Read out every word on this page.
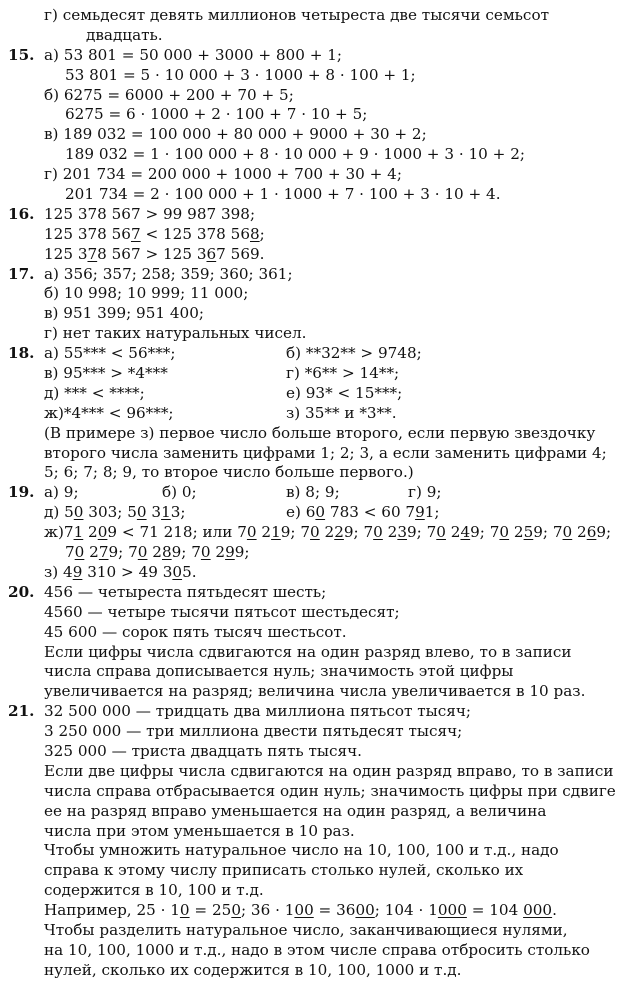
г) семьдесят девять миллионов четыреста две тысячи семьсот
двадцать.
15. а) 53 801 = 50 000 + 3000 + 800 + 1;
53 801 = 5 · 10 000 + 3 · 1000 + 8 · 100 + 1;
б) 6275 = 6000 + 200 + 70 + 5;
6275 = 6 · 1000 + 2 · 100 + 7 · 10 + 5;
в) 189 032 = 100 000 + 80 000 + 9000 + 30 + 2;
189 032 = 1 · 100 000 + 8 · 10 000 + 9 · 1000 + 3 · 10 + 2;
г) 201 734 = 200 000 + 1000 + 700 + 30 + 4;
201 734 = 2 · 100 000 + 1 · 1000 + 7 · 100 + 3 · 10 + 4.
16. 125 378 567 > 99 987 398;
125 378 567 < 125 378 568;
125 378 567 > 125 367 569.
17. а) 356; 357; 258; 359; 360; 361;
б) 10 998; 10 999; 11 000;
в) 951 399; 951 400;
г) нет таких натуральных чисел.
18. а) 55*** < 56***;	б) **32** > 9748;
в) 95*** > *4***	г) *6** > 14**;
д) *** < ****;	е) 93* < 15***;
ж)*4*** < 96***;	з) 35** и *3**.
(В примере з) первое число больше второго, если первую звездочку
второго числа заменить цифрами 1; 2; 3, а если заменить цифрами 4;
5; 6; 7; 8; 9, то второе число больше первого.)
19. а) 9;	б) 0;	в) 8; 9;	г) 9;
д) 50 303; 50 313;	е) 60 783 < 60 791;
ж)71 209 < 71 218; или 70 219; 70 229; 70 239; 70 249; 70 259; 70 269;
70 279; 70 289; 70 299;
з) 49 310 > 49 305.
20. 456 — четыреста пятьдесят шесть;
4560 — четыре тысячи пятьсот шестьдесят;
45 600 — сорок пять тысяч шестьсот.
Если цифры числа сдвигаются на один разряд влево, то в записи
числа справа дописывается нуль; значимость этой цифры
увеличивается на разряд; величина числа увеличивается в 10 раз.
21. 32 500 000 — тридцать два миллиона пятьсот тысяч;
3 250 000 — три миллиона двести пятьдесят тысяч;
325 000 — триста двадцать пять тысяч.
Если две цифры числа сдвигаются на один разряд вправо, то в записи
числа справа отбрасывается один нуль; значимость цифры при сдвиге
ее на разряд вправо уменьшается на один разряд, а величина
числа при этом уменьшается в 10 раз.
Чтобы умножить натуральное число на 10, 100, 100 и т.д., надо
справа к этому числу приписать столько нулей, сколько их
содержится в 10, 100 и т.д.
Например, 25 · 10 = 250; 36 · 100 = 3600; 104 · 1000 = 104 000.
Чтобы разделить натуральное число, заканчивающиеся нулями,
на 10, 100, 1000 и т.д., надо в этом числе справа отбросить столько
нулей, сколько их содержится в 10, 100, 1000 и т.д.
